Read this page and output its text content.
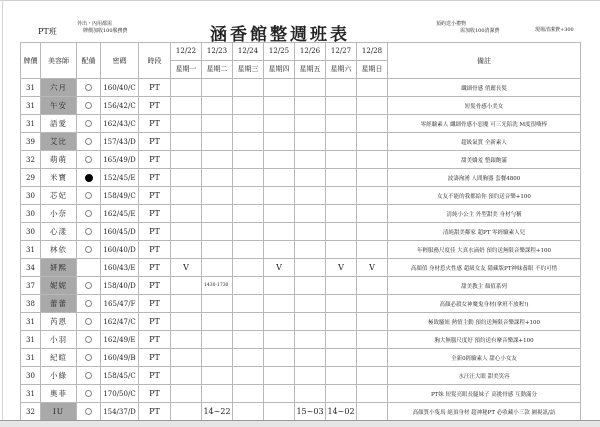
PT班
外出・內用都需
牌價加收100服務費	涵香館整週班表
預約送小禮物
需加收100清潔費	現場清潔費+300
牌價	美容師	配備	密碼	時段	12/22	12/23	12/24	12/25	12/26	12/27	12/28	備註
					星期一	星期二	星期三	星期四	星期五	星期六	星期日	
31	六月		160/40/C	PT								纖細骨感 俏麗長髮
31	午安		156/42/C	PT								短髮骨感小美女
31	語愛		162/43/C	PT								零經驗素人 纖細骨感小惡魔 可三光陪洗 M度很嗨棒
39	艾比		157/43/D	PT								超級氣質 全新素人
32	萌萌		165/49/D	PT								甜美嬌羞 整銀飽滿
29	米寶		152/45/E	PT								波濤洶湧 人間胸器 套餐4800
30	芯妃		158/49/C	PT								女友不能的我都給你 預約送音樂+100
30	小奈		162/45/E	PT								清純小公主 外型甜美 身材勻稱
30	心漾		160/45/D	PT								清純甜美鄰家 超PT 零經驗素人兒
31	林依		160/40/D	PT								年輕服務尺度佳 大真水滴奶 預約送無限音樂課程+100
34	妍熙		160/43/E	PT	V			V		V	V	高顏值 身材惹火性感 超級女友 隱藏版PT神妹養眼 不約可惜
37	妮妮		158/40/D	PT		1430-1730						甜美教主 顏值系列
38	蕾蕾		165/47/F	PT								高顏必殺女神魔鬼身材(拿班不放喔!)
31	芮恩		162/47/C	PT								極致騷妞 熱情主動 預約送無限音樂課程+100
31	小羽		162/49/E	PT								胸大無腦尺度好 預約送有摩音樂課+100
31	紀暄		160/49/B	PT								全新0經驗素人 甜心小女友
30	小綠		158/45/C	PT								水汪汪大眼 甜美笑容
31	奧菲		170/50/C	PT								PT妹 短髮亮眼長腿妹子 高挑骨感 互動滿分
32	IU		154/37/D	PT		14~22			15~03	14~02		高顏質小隻馬 絕頂身材 超神秘PT 必收藏小三款 圖視訊/訪
